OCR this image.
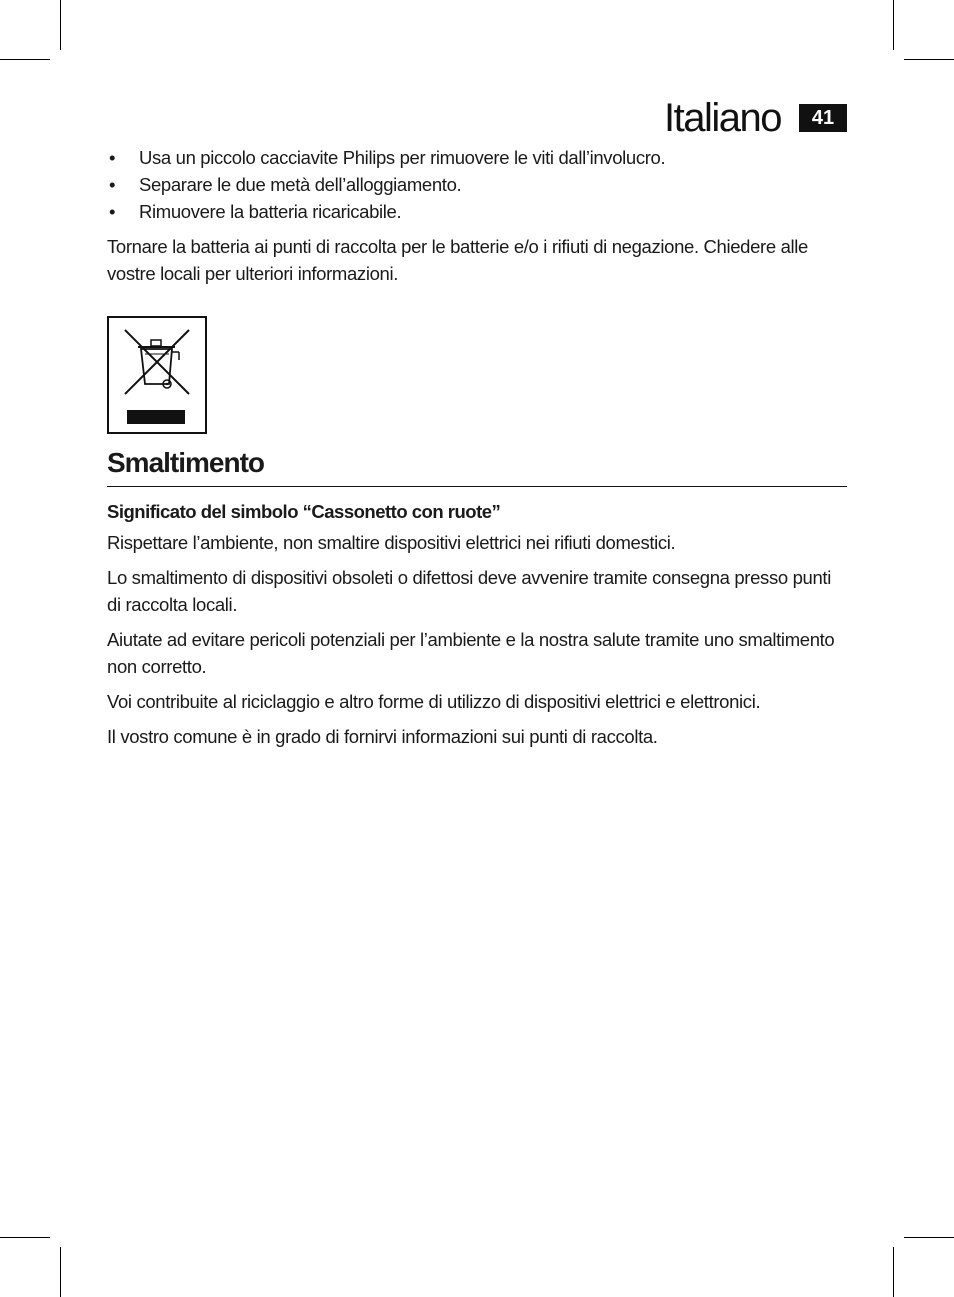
Italiano	41
• Usa un piccolo cacciavite Philips per rimuovere le viti dall’involucro.
• Separare le due metà dell’alloggiamento.
• Rimuovere la batteria ricaricabile.

Tornare la batteria ai punti di raccolta per le batterie e/o i rifiuti di negazione. Chiedere alle vostre locali per ulteriori informazioni.

Smaltimento

Significato del simbolo “Cassonetto con ruote”

Rispettare l’ambiente, non smaltire dispositivi elettrici nei rifiuti domestici.

Lo smaltimento di dispositivi obsoleti o difettosi deve avvenire tramite consegna presso punti di raccolta locali.

Aiutate ad evitare pericoli potenziali per l’ambiente e la nostra salute tramite uno smaltimento non corretto.

Voi contribuite al riciclaggio e altro forme di utilizzo di dispositivi elettrici e elettronici.

Il vostro comune è in grado di fornirvi informazioni sui punti di raccolta.
